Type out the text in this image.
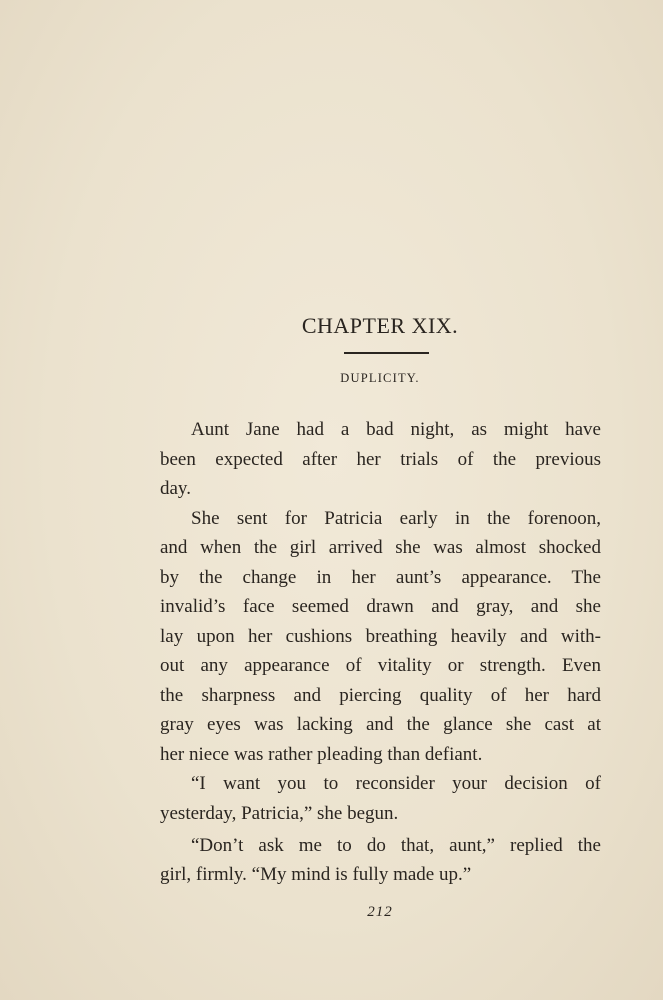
CHAPTER XIX.
DUPLICITY.
Aunt Jane had a bad night, as might have
been expected after her trials of the previous
day.
She sent for Patricia early in the forenoon,
and when the girl arrived she was almost shocked
by the change in her aunt’s appearance. The
invalid’s face seemed drawn and gray, and she
lay upon her cushions breathing heavily and with-
out any appearance of vitality or strength. Even
the sharpness and piercing quality of her hard
gray eyes was lacking and the glance she cast at
her niece was rather pleading than defiant.
“I want you to reconsider your decision of
yesterday, Patricia,” she begun.
“Don’t ask me to do that, aunt,” replied the
girl, firmly. “My mind is fully made up.”
212
